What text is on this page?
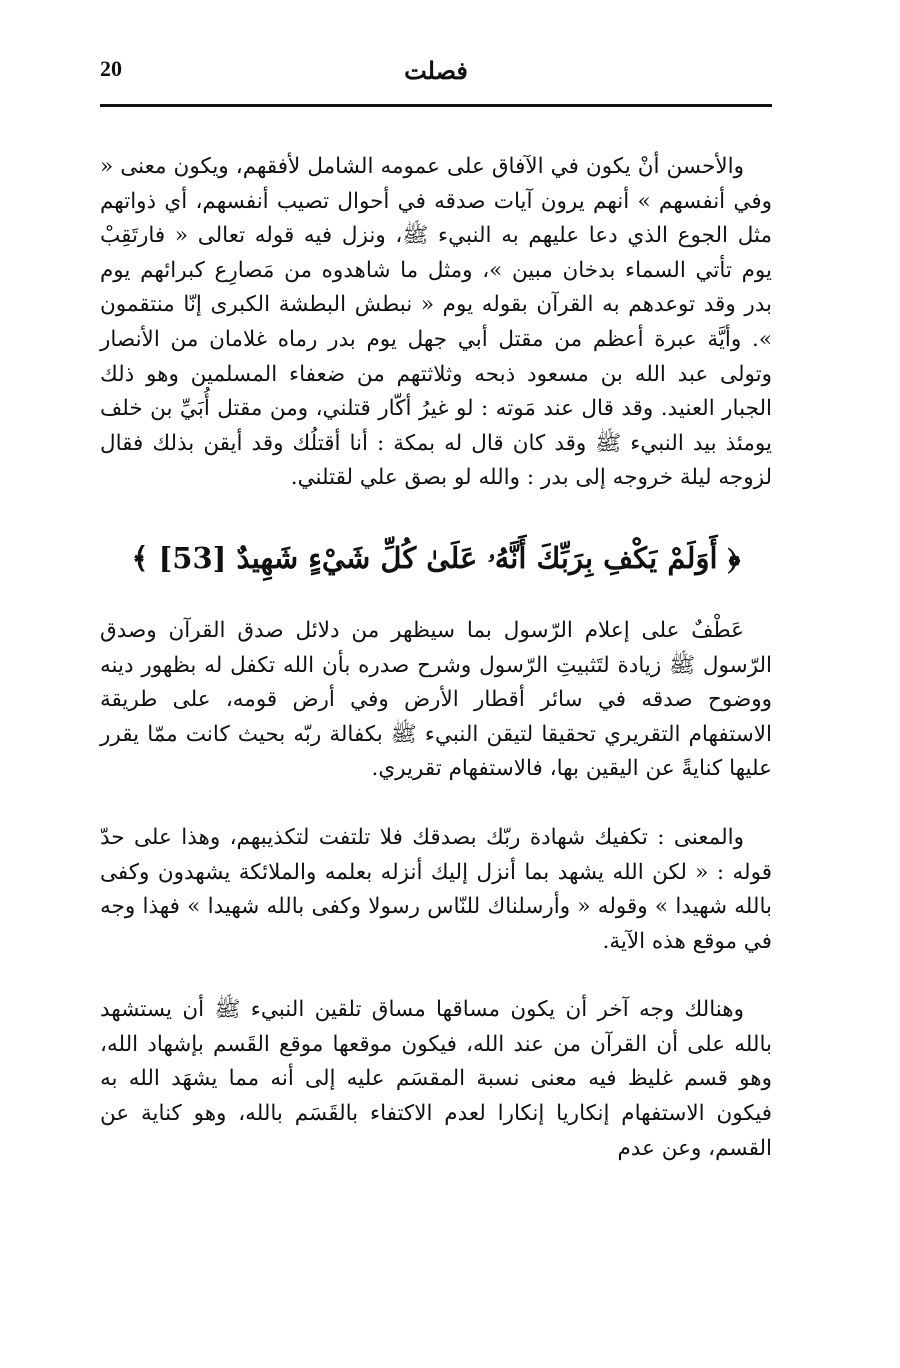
20	فصلت

والأحسن أنْ يكون في الآفاق على عمومه الشامل لأفقهم، ويكون معنى « وفي أنفسهم » أنهم يرون آيات صدقه في أحوال تصيب أنفسهم، أي ذواتهم مثل الجوع الذي دعا عليهم به النبيء ﷺ، ونزل فيه قوله تعالى « فارتَقِبْ يوم تأتي السماء بدخان مبين »، ومثل ما شاهدوه من مَصارِع كبرائهم يوم بدر وقد توعدهم به القرآن بقوله يوم « نبطش البطشة الكبرى إنّا منتقمون ». وأيَّة عبرة أعظم من مقتل أبي جهل يوم بدر رماه غلامان من الأنصار وتولى عبد الله بن مسعود ذبحه وثلاثتهم من ضعفاء المسلمين وهو ذلك الجبار العنيد. وقد قال عند مَوته : لو غيرُ أكّار قتلني، ومن مقتل أُبَيِّ بن خلف يومئذ بيد النبيء ﷺ وقد كان قال له بمكة : أنا أقتلُك وقد أيقن بذلك فقال لزوجه ليلة خروجه إلى بدر : والله لو بصق علي لقتلني.

﴿ أَوَلَمْ يَكْفِ بِرَبِّكَ أَنَّهُۥ عَلَىٰ كُلِّ شَيْءٍ شَهِيدٌ [53] ﴾

عَطْفٌ على إعلام الرّسول بما سيظهر من دلائل صدق القرآن وصدق الرّسول ﷺ زيادة لتَثبيتِ الرّسول وشرح صدره بأن الله تكفل له بظهور دينه ووضوح صدقه في سائر أقطار الأرض وفي أرض قومه، على طريقة الاستفهام التقريري تحقيقا لتيقن النبيء ﷺ بكفالة ربّه بحيث كانت ممّا يقرر عليها كنايةً عن اليقين بها، فالاستفهام تقريري.

والمعنى : تكفيك شهادة ربّك بصدقك فلا تلتفت لتكذيبهم، وهذا على حدّ قوله : « لكن الله يشهد بما أنزل إليك أنزله بعلمه والملائكة يشهدون وكفى بالله شهيدا » وقوله « وأرسلناك للنّاس رسولا وكفى بالله شهيدا » فهذا وجه في موقع هذه الآية.

وهنالك وجه آخر أن يكون مساقها مساق تلقين النبيء ﷺ أن يستشهد بالله على أن القرآن من عند الله، فيكون موقعها موقع القَسم بإشهاد الله، وهو قسم غليظ فيه معنى نسبة المقسَم عليه إلى أنه مما يشهَد الله به فيكون الاستفهام إنكاريا إنكارا لعدم الاكتفاء بالقَسَم بالله، وهو كناية عن القسم، وعن عدم
